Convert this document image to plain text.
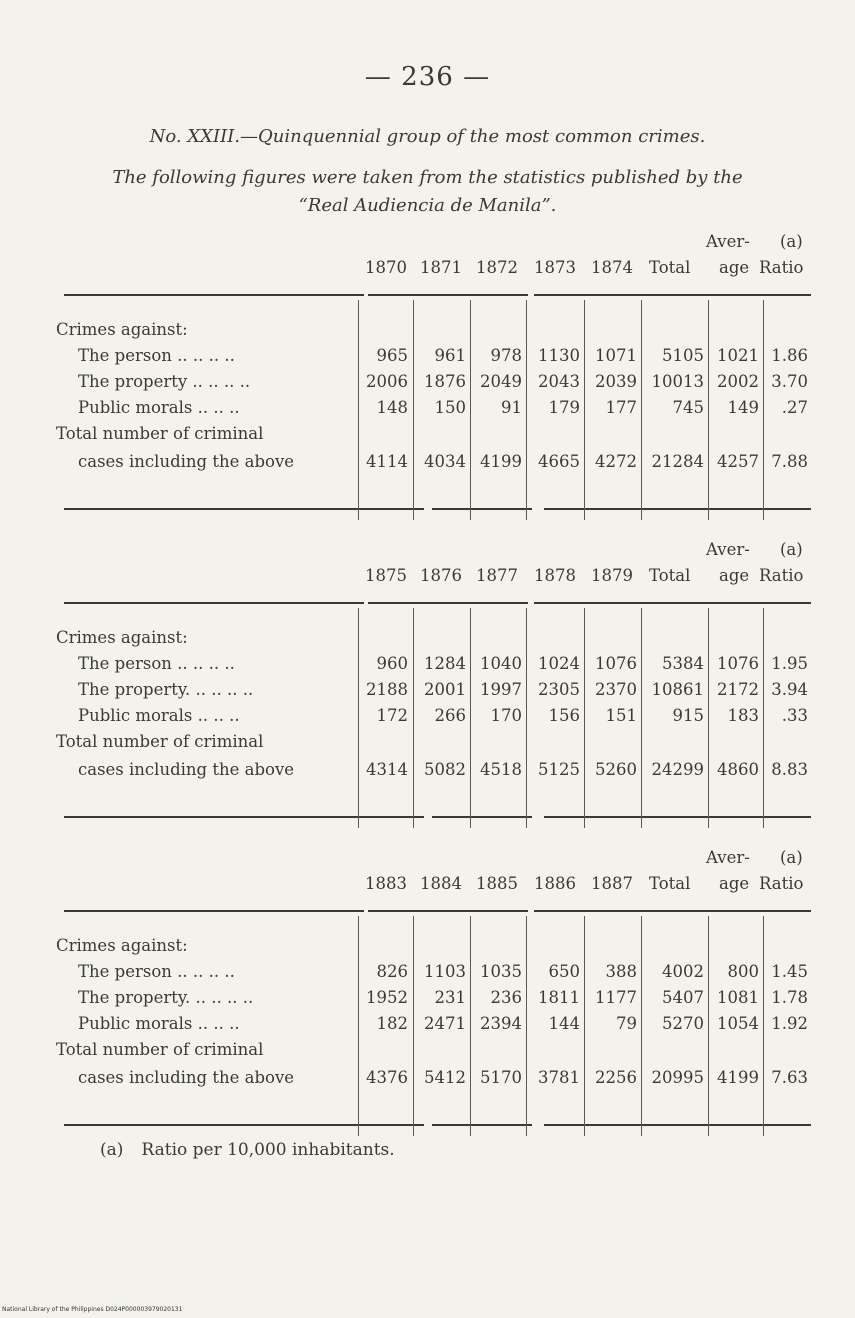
— 236 —
No. XXIII.—Quinquennial group of the most common crimes.
The following figures were taken from the statistics published by the
“Real Audiencia de Manila”.
Aver- (a)
1870 1871 1872 1873 1874 Total age Ratio
Crimes against:
The person .. .. .. ..	965 961 978 1130 1071 5105 1021 1.86
The property .. .. .. ..	2006 1876 2049 2043 2039 10013 2002 3.70
Public morals .. .. ..	148 150 91 179 177 745 149 .27
Total number of criminal
cases including the above	4114 4034 4199 4665 4272 21284 4257 7.88
Aver- (a)
1875 1876 1877 1878 1879 Total age Ratio
Crimes against:
The person .. .. .. ..	960 1284 1040 1024 1076 5384 1076 1.95
The property. .. .. .. ..	2188 2001 1997 2305 2370 10861 2172 3.94
Public morals .. .. ..	172 266 170 156 151 915 183 .33
Total number of criminal
cases including the above	4314 5082 4518 5125 5260 24299 4860 8.83
Aver- (a)
1883 1884 1885 1886 1887 Total age Ratio
Crimes against:
The person .. .. .. ..	826 1103 1035 650 388 4002 800 1.45
The property. .. .. .. ..	1952 231 236 1811 1177 5407 1081 1.78
Public morals .. .. ..	182 2471 2394 144 79 5270 1054 1.92
Total number of criminal
cases including the above	4376 5412 5170 3781 2256 20995 4199 7.63
(a) Ratio per 10,000 inhabitants.
National Library of the Philippines D024P000003979020131
